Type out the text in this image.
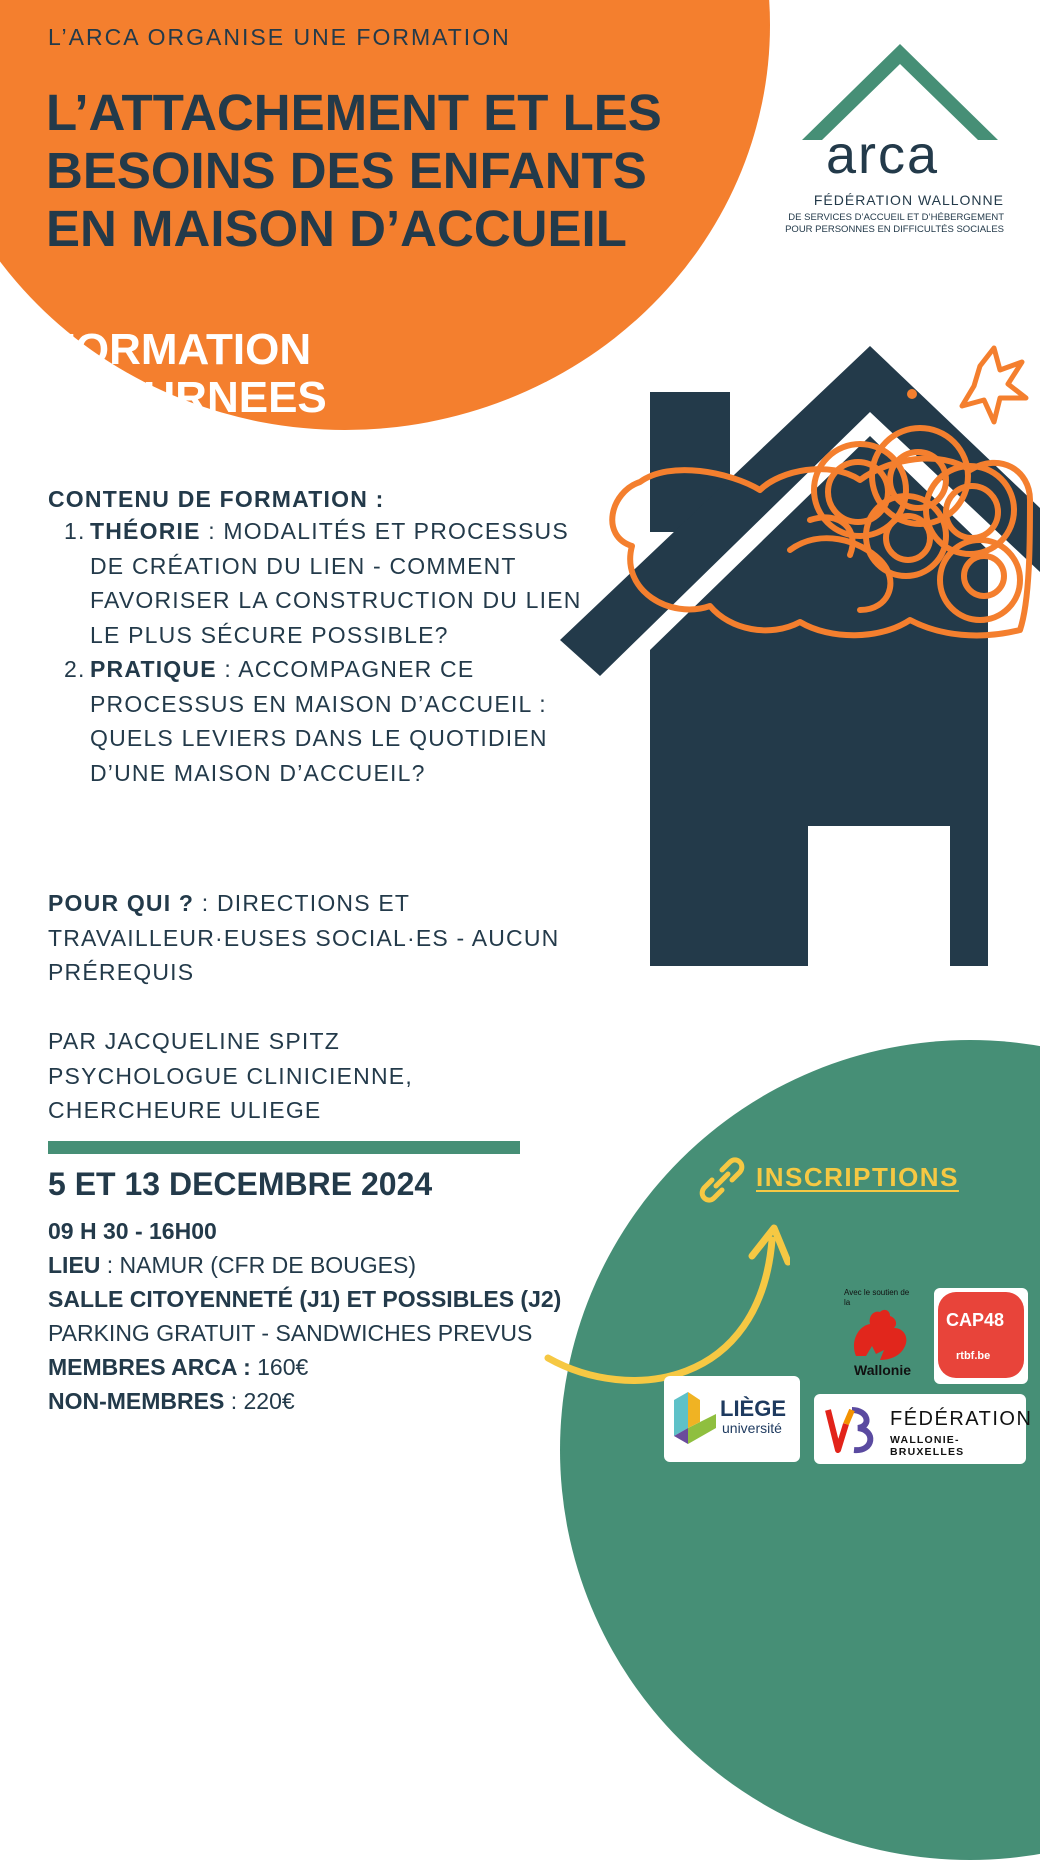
L’ARCA ORGANISE UNE FORMATION
L’ATTACHEMENT ET LES BESOINS DES ENFANTS EN MAISON D’ACCUEIL
FORMATION
2 JOURNEES
arca
FÉDÉRATION WALLONNE
DE SERVICES D’ACCUEIL ET D’HÉBERGEMENT
POUR PERSONNES EN DIFFICULTÉS SOCIALES
CONTENU DE FORMATION :
1. THÉORIE : MODALITÉS ET PROCESSUS DE CRÉATION DU LIEN - COMMENT FAVORISER LA CONSTRUCTION DU LIEN LE PLUS SÉCURE POSSIBLE?
2. PRATIQUE : ACCOMPAGNER CE PROCESSUS EN MAISON D’ACCUEIL : QUELS LEVIERS DANS LE QUOTIDIEN D’UNE MAISON D’ACCUEIL?
POUR QUI ? : DIRECTIONS ET TRAVAILLEUR·EUSES SOCIAL·ES - AUCUN PRÉREQUIS
PAR JACQUELINE SPITZ
PSYCHOLOGUE CLINICIENNE,
CHERCHEURE ULIEGE
5 ET 13 DECEMBRE 2024
09 H 30 - 16H00
LIEU : NAMUR (CFR DE BOUGES)
SALLE CITOYENNETÉ (J1) ET POSSIBLES (J2)
PARKING GRATUIT - SANDWICHES PREVUS
MEMBRES ARCA : 160€
NON-MEMBRES : 220€
INSCRIPTIONS
Avec le soutien de la
Wallonie
CAP48
rtbf.be
LIÈGE
université	FÉDÉRATION
WALLONIE-BRUXELLES
